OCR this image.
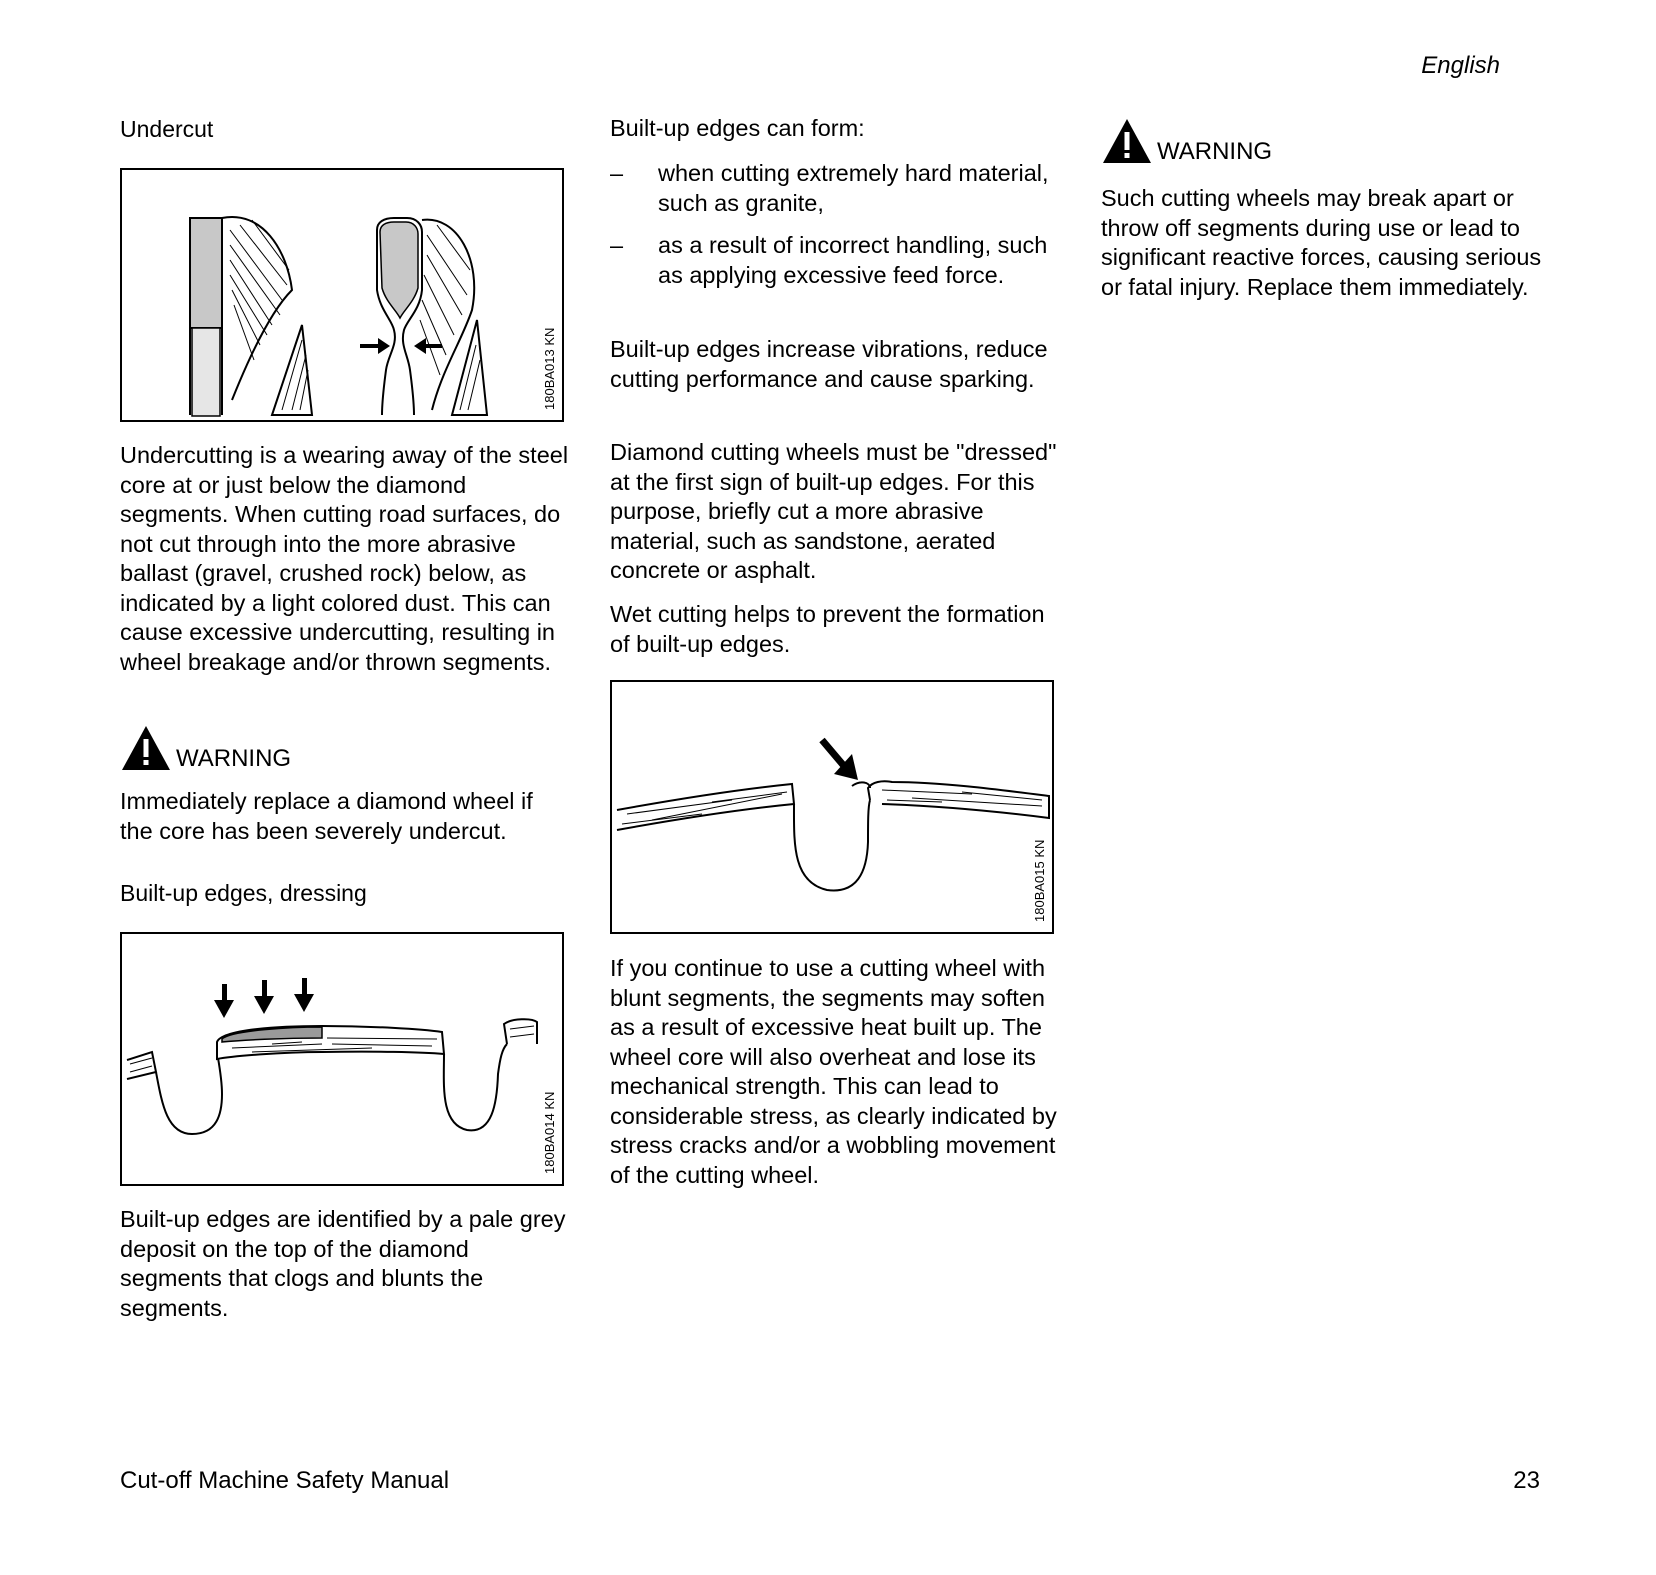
English
Undercut
180BA013 KN

Undercutting is a wearing away of the steel core at or just below the diamond segments. When cutting road surfaces, do not cut through into the more abrasive ballast (gravel, crushed rock) below, as indicated by a light colored dust. This can cause excessive undercutting, resulting in wheel breakage and/or thrown segments.

WARNING

Immediately replace a diamond wheel if the core has been severely undercut.

Built-up edges, dressing
180BA014 KN

Built-up edges are identified by a pale grey deposit on the top of the diamond segments that clogs and blunts the segments.

Built-up edges can form:

– when cutting extremely hard material, such as granite,
– as a result of incorrect handling, such as applying excessive feed force.

Built-up edges increase vibrations, reduce cutting performance and cause sparking.

Diamond cutting wheels must be "dressed" at the first sign of built-up edges. For this purpose, briefly cut a more abrasive material, such as sandstone, aerated concrete or asphalt.

Wet cutting helps to prevent the formation of built-up edges.

180BA015 KN

If you continue to use a cutting wheel with blunt segments, the segments may soften as a result of excessive heat built up. The wheel core will also overheat and lose its mechanical strength. This can lead to considerable stress, as clearly indicated by stress cracks and/or a wobbling movement of the cutting wheel.

WARNING

Such cutting wheels may break apart or throw off segments during use or lead to significant reactive forces, causing serious or fatal injury. Replace them immediately.

Cut-off Machine Safety Manual	23
